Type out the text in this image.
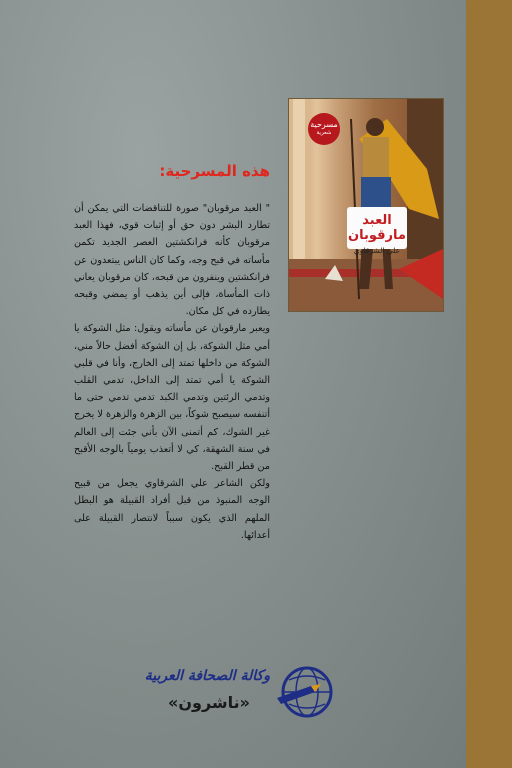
هذه المسرحية:

" العبد مرقوبان" صورة للتناقضات التي يمكن أن تطارد البشر دون حق أو إثبات قوي، فهذا العبد مرقوبان كأنه فرانكشتين العصر الجديد تكمن مأساته في قبح وجه، وكما كان الناس يبتعدون عن فرانكشتين وينفرون من قبحه، كان مرقوبان يعاني ذات المأساة، فإلى أين يذهب أو يمضي وقبحه يطارده في كل مكان.

ويعبر مارقوبان عن مأساته ويقول: مثل الشوكة يا أمي مثل الشوكة، بل إن الشوكة أفضل حالاً مني، الشوكة من داخلها تمتد إلى الخارج، وأنا في قلبي الشوكة يا أمي تمتد إلى الداخل، تدمي القلب وتدمي الرئتين وتدمي الكبد تدمي تدمي حتى ما أتنفسه سيصبح شوكاً، بين الزهرة والزهرة لا يخرج غير الشوك، كم أتمنى الآن بأني جئت إلى العالم في سنة الشهقة، كي لا أتعذب يومياً بالوجه الأقبح من قطر القبح.

ولكن الشاعر علي الشرقاوي يجعل من قبيح الوجه المنبوذ من قبل أفراد القبيلة هو البطل الملهم الذي يكون سبباً لانتصار القبيلة على أعدائها.

مسرحية
شعرية
العبد مارقوبان
علي الشرقاوي
وكالة الصحافة العربية
«ناشرون»
